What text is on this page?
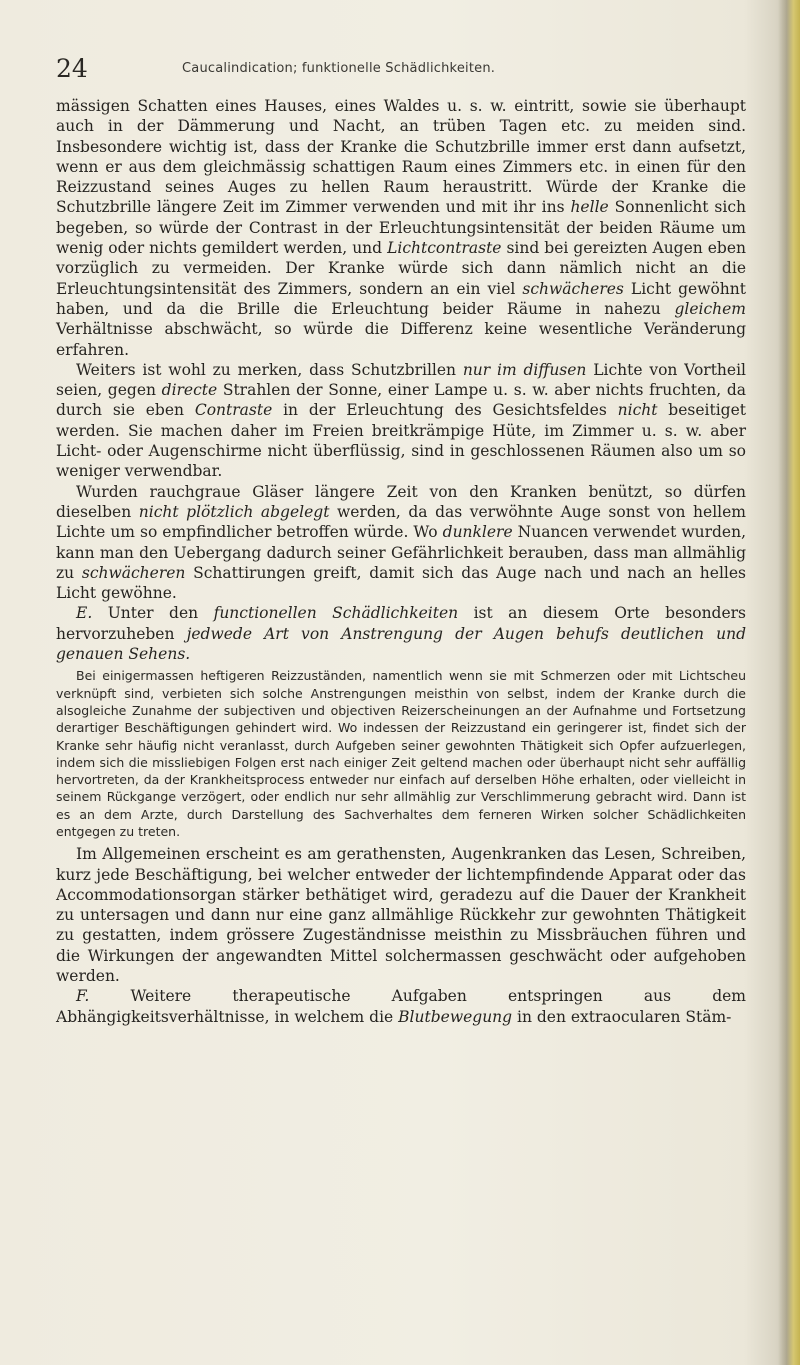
24	Caucalindication; funktionelle Schädlichkeiten.

mässigen Schatten eines Hauses, eines Waldes u. s. w. eintritt, sowie sie überhaupt auch in der Dämmerung und Nacht, an trüben Tagen etc. zu meiden sind. Insbesondere wichtig ist, dass der Kranke die Schutzbrille immer erst dann aufsetzt, wenn er aus dem gleichmässig schattigen Raum eines Zimmers etc. in einen für den Reizzustand seines Auges zu hellen Raum heraustritt. Würde der Kranke die Schutzbrille längere Zeit im Zimmer verwenden und mit ihr ins helle Sonnenlicht sich begeben, so würde der Contrast in der Erleuchtungsintensität der beiden Räume um wenig oder nichts gemildert werden, und Lichtcontraste sind bei gereizten Augen eben vorzüglich zu vermeiden. Der Kranke würde sich dann nämlich nicht an die Erleuchtungsintensität des Zimmers, sondern an ein viel schwächeres Licht gewöhnt haben, und da die Brille die Erleuchtung beider Räume in nahezu gleichem Verhältnisse abschwächt, so würde die Differenz keine wesentliche Veränderung erfahren.

Weiters ist wohl zu merken, dass Schutzbrillen nur im diffusen Lichte von Vortheil seien, gegen directe Strahlen der Sonne, einer Lampe u. s. w. aber nichts fruchten, da durch sie eben Contraste in der Erleuchtung des Gesichtsfeldes nicht beseitiget werden. Sie machen daher im Freien breitkrämpige Hüte, im Zimmer u. s. w. aber Licht- oder Augenschirme nicht überflüssig, sind in geschlossenen Räumen also um so weniger verwendbar.

Wurden rauchgraue Gläser längere Zeit von den Kranken benützt, so dürfen dieselben nicht plötzlich abgelegt werden, da das verwöhnte Auge sonst von hellem Lichte um so empfindlicher betroffen würde. Wo dunklere Nuancen verwendet wurden, kann man den Uebergang dadurch seiner Gefährlichkeit berauben, dass man allmählig zu schwächeren Schattirungen greift, damit sich das Auge nach und nach an helles Licht gewöhne.

E. Unter den functionellen Schädlichkeiten ist an diesem Orte besonders hervorzuheben jedwede Art von Anstrengung der Augen behufs deutlichen und genauen Sehens.

Bei einigermassen heftigeren Reizzuständen, namentlich wenn sie mit Schmerzen oder mit Lichtscheu verknüpft sind, verbieten sich solche Anstrengungen meisthin von selbst, indem der Kranke durch die alsogleiche Zunahme der subjectiven und objectiven Reizerscheinungen an der Aufnahme und Fortsetzung derartiger Beschäftigungen gehindert wird. Wo indessen der Reizzustand ein geringerer ist, findet sich der Kranke sehr häufig nicht veranlasst, durch Aufgeben seiner gewohnten Thätigkeit sich Opfer aufzuerlegen, indem sich die missliebigen Folgen erst nach einiger Zeit geltend machen oder überhaupt nicht sehr auffällig hervortreten, da der Krankheitsprocess entweder nur einfach auf derselben Höhe erhalten, oder vielleicht in seinem Rückgange verzögert, oder endlich nur sehr allmählig zur Verschlimmerung gebracht wird. Dann ist es an dem Arzte, durch Darstellung des Sachverhaltes dem ferneren Wirken solcher Schädlichkeiten entgegen zu treten.

Im Allgemeinen erscheint es am gerathensten, Augenkranken das Lesen, Schreiben, kurz jede Beschäftigung, bei welcher entweder der lichtempfindende Apparat oder das Accommodationsorgan stärker bethätiget wird, geradezu auf die Dauer der Krankheit zu untersagen und dann nur eine ganz allmählige Rückkehr zur gewohnten Thätigkeit zu gestatten, indem grössere Zugeständnisse meisthin zu Missbräuchen führen und die Wirkungen der angewandten Mittel solchermassen geschwächt oder aufgehoben werden.

F. Weitere therapeutische Aufgaben entspringen aus dem Abhängigkeitsverhältnisse, in welchem die Blutbewegung in den extraocularen Stäm-
